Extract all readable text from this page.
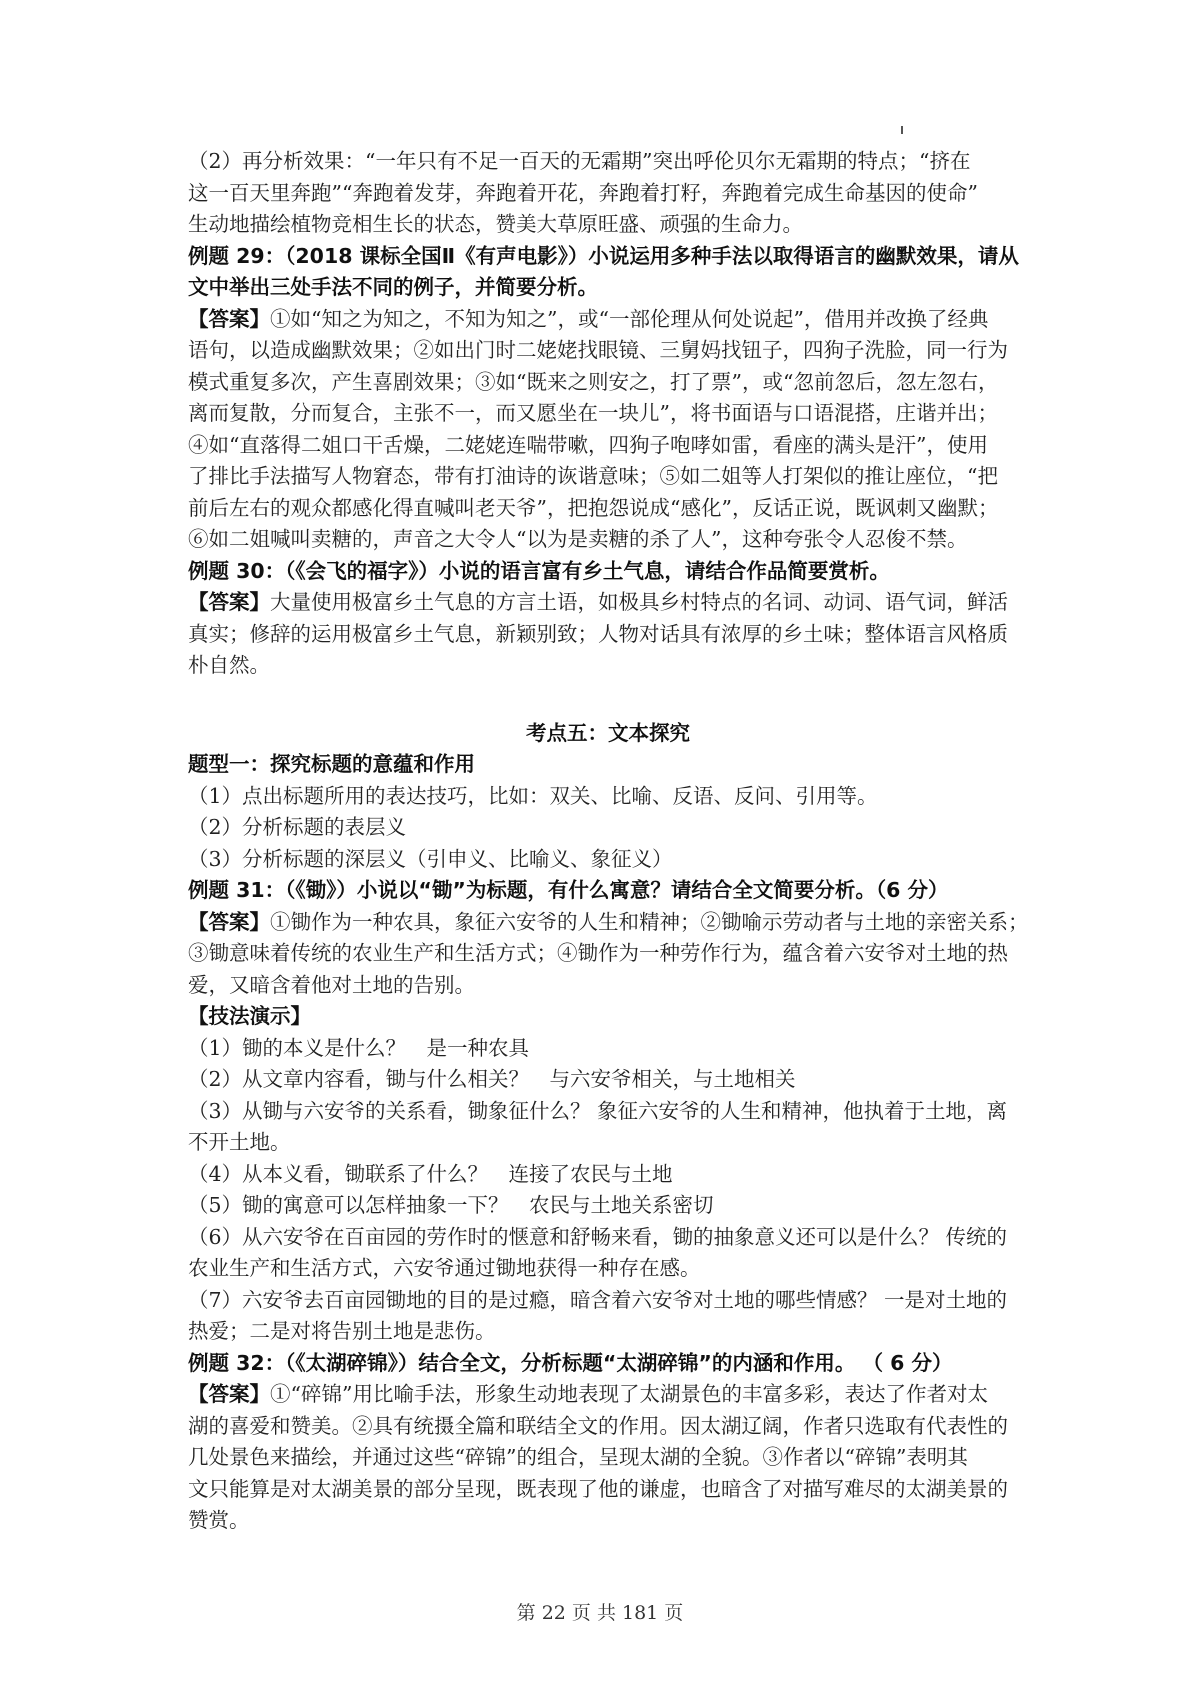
（2）再分析效果：“一年只有不足一百天的无霜期”突出呼伦贝尔无霜期的特点；“挤在

这一百天里奔跑”“奔跑着发芽，奔跑着开花，奔跑着打籽，奔跑着完成生命基因的使命”

生动地描绘植物竞相生长的状态，赞美大草原旺盛、顽强的生命力。

例题 29：（2018 课标全国Ⅱ《有声电影》）小说运用多种手法以取得语言的幽默效果，请从

文中举出三处手法不同的例子，并简要分析。

【答案】①如“知之为知之，不知为知之”，或“一部伦理从何处说起”，借用并改换了经典

语句，以造成幽默效果；②如出门时二姥姥找眼镜、三舅妈找钮子，四狗子洗脸，同一行为

模式重复多次，产生喜剧效果；③如“既来之则安之，打了票”，或“忽前忽后，忽左忽右，

离而复散，分而复合，主张不一，而又愿坐在一块儿”，将书面语与口语混搭，庄谐并出；

④如“直落得二姐口干舌燥，二姥姥连喘带嗽，四狗子咆哮如雷，看座的满头是汗”，使用

了排比手法描写人物窘态，带有打油诗的诙谐意味；⑤如二姐等人打架似的推让座位，“把

前后左右的观众都感化得直喊叫老天爷”，把抱怨说成“感化”，反话正说，既讽刺又幽默；

⑥如二姐喊叫卖糖的，声音之大令人“以为是卖糖的杀了人”，这种夸张令人忍俊不禁。

例题 30：（《会飞的福字》）小说的语言富有乡土气息，请结合作品简要赏析。

【答案】大量使用极富乡土气息的方言土语，如极具乡村特点的名词、动词、语气词，鲜活

真实；修辞的运用极富乡土气息，新颖别致；人物对话具有浓厚的乡土味；整体语言风格质

朴自然。

考点五：文本探究

题型一：探究标题的意蕴和作用

（1）点出标题所用的表达技巧，比如：双关、比喻、反语、反问、引用等。

（2）分析标题的表层义

（3）分析标题的深层义（引申义、比喻义、象征义）

例题 31：（《锄》）小说以“锄”为标题，有什么寓意？请结合全文简要分析。（6 分）

【答案】①锄作为一种农具，象征六安爷的人生和精神；②锄喻示劳动者与土地的亲密关系；

③锄意味着传统的农业生产和生活方式；④锄作为一种劳作行为，蕴含着六安爷对土地的热

爱，又暗含着他对土地的告别。

【技法演示】

（1）锄的本义是什么？　是一种农具

（2）从文章内容看，锄与什么相关？　与六安爷相关，与土地相关

（3）从锄与六安爷的关系看，锄象征什么？ 象征六安爷的人生和精神，他执着于土地，离

不开土地。

（4）从本义看，锄联系了什么？　连接了农民与土地

（5）锄的寓意可以怎样抽象一下？　农民与土地关系密切

（6）从六安爷在百亩园的劳作时的惬意和舒畅来看，锄的抽象意义还可以是什么？ 传统的

农业生产和生活方式，六安爷通过锄地获得一种存在感。

（7）六安爷去百亩园锄地的目的是过瘾，暗含着六安爷对土地的哪些情感？ 一是对土地的

热爱；二是对将告别土地是悲伤。

例题 32：（《太湖碎锦》）结合全文，分析标题“太湖碎锦”的内涵和作用。 （ 6 分）

【答案】①“碎锦”用比喻手法，形象生动地表现了太湖景色的丰富多彩，表达了作者对太

湖的喜爱和赞美。②具有统摄全篇和联结全文的作用。因太湖辽阔，作者只选取有代表性的

几处景色来描绘，并通过这些“碎锦”的组合，呈现太湖的全貌。③作者以“碎锦”表明其

文只能算是对太湖美景的部分呈现，既表现了他的谦虚，也暗含了对描写难尽的太湖美景的

赞赏。

第 22 页 共 181 页
